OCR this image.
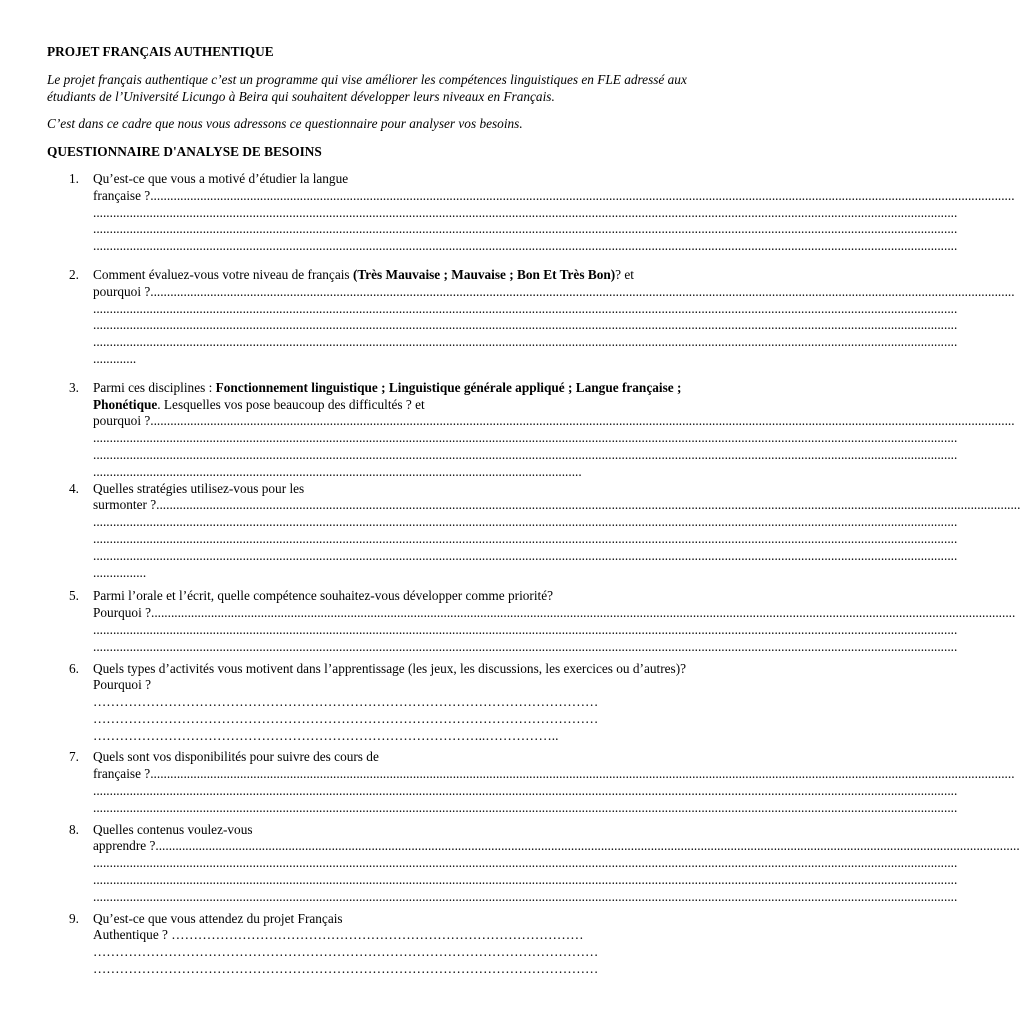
PROJET FRANÇAIS AUTHENTIQUE
Le projet français authentique c’est un programme qui vise améliorer les compétences linguistiques en FLE adressé aux étudiants de l’Université Licungo à Beira qui souhaitent développer leurs niveaux en Français.
C’est dans ce cadre que nous vous adressons ce questionnaire pour analyser vos besoins.
QUESTIONNAIRE D'ANALYSE DE BESOINS
1. Qu’est-ce que vous a motivé d’étudier la langue
française ?....................................................................................................................................................................................................................................................................
....................................................................................................................................................................................................................................................................
....................................................................................................................................................................................................................................................................
....................................................................................................................................................................................................................................................................
2. Comment évaluez-vous votre niveau de français (Très Mauvaise ; Mauvaise ; Bon Et Très Bon)? et
pourquoi ?....................................................................................................................................................................................................................................................................
....................................................................................................................................................................................................................................................................
....................................................................................................................................................................................................................................................................
....................................................................................................................................................................................................................................................................
.............
3. Parmi ces disciplines : Fonctionnement linguistique ; Linguistique générale appliqué ; Langue française ; Phonétique. Lesquelles vos pose beaucoup des difficultés ? et
pourquoi ?....................................................................................................................................................................................................................................................................
....................................................................................................................................................................................................................................................................
....................................................................................................................................................................................................................................................................
...................................................................................................................................................
4. Quelles stratégies utilisez-vous pour les
surmonter ?....................................................................................................................................................................................................................................................................
....................................................................................................................................................................................................................................................................
....................................................................................................................................................................................................................................................................
....................................................................................................................................................................................................................................................................
................
5. Parmi l’orale et l’écrit, quelle compétence souhaitez-vous développer comme priorité?
Pourquoi ?....................................................................................................................................................................................................................................................................
....................................................................................................................................................................................................................................................................
....................................................................................................................................................................................................................................................................
6. Quels types d’activités vous motivent dans l’apprentissage (les jeux, les discussions, les exercices ou d’autres)? Pourquoi ?
……………………………………………………………………………………………………
……………………………………………………………………………………………………
……………………………………………………………………………..……………..
7. Quels sont vos disponibilités pour suivre des cours de
française ?....................................................................................................................................................................................................................................................................
....................................................................................................................................................................................................................................................................
....................................................................................................................................................................................................................................................................
8. Quelles contenus voulez-vous
apprendre ?....................................................................................................................................................................................................................................................................
....................................................................................................................................................................................................................................................................
....................................................................................................................................................................................................................................................................
....................................................................................................................................................................................................................................................................
9. Qu’est-ce que vous attendez du projet Français
Authentique ? …………………………………………………………………………………
……………………………………………………………………………………………………
……………………………………………………………………………………………………
